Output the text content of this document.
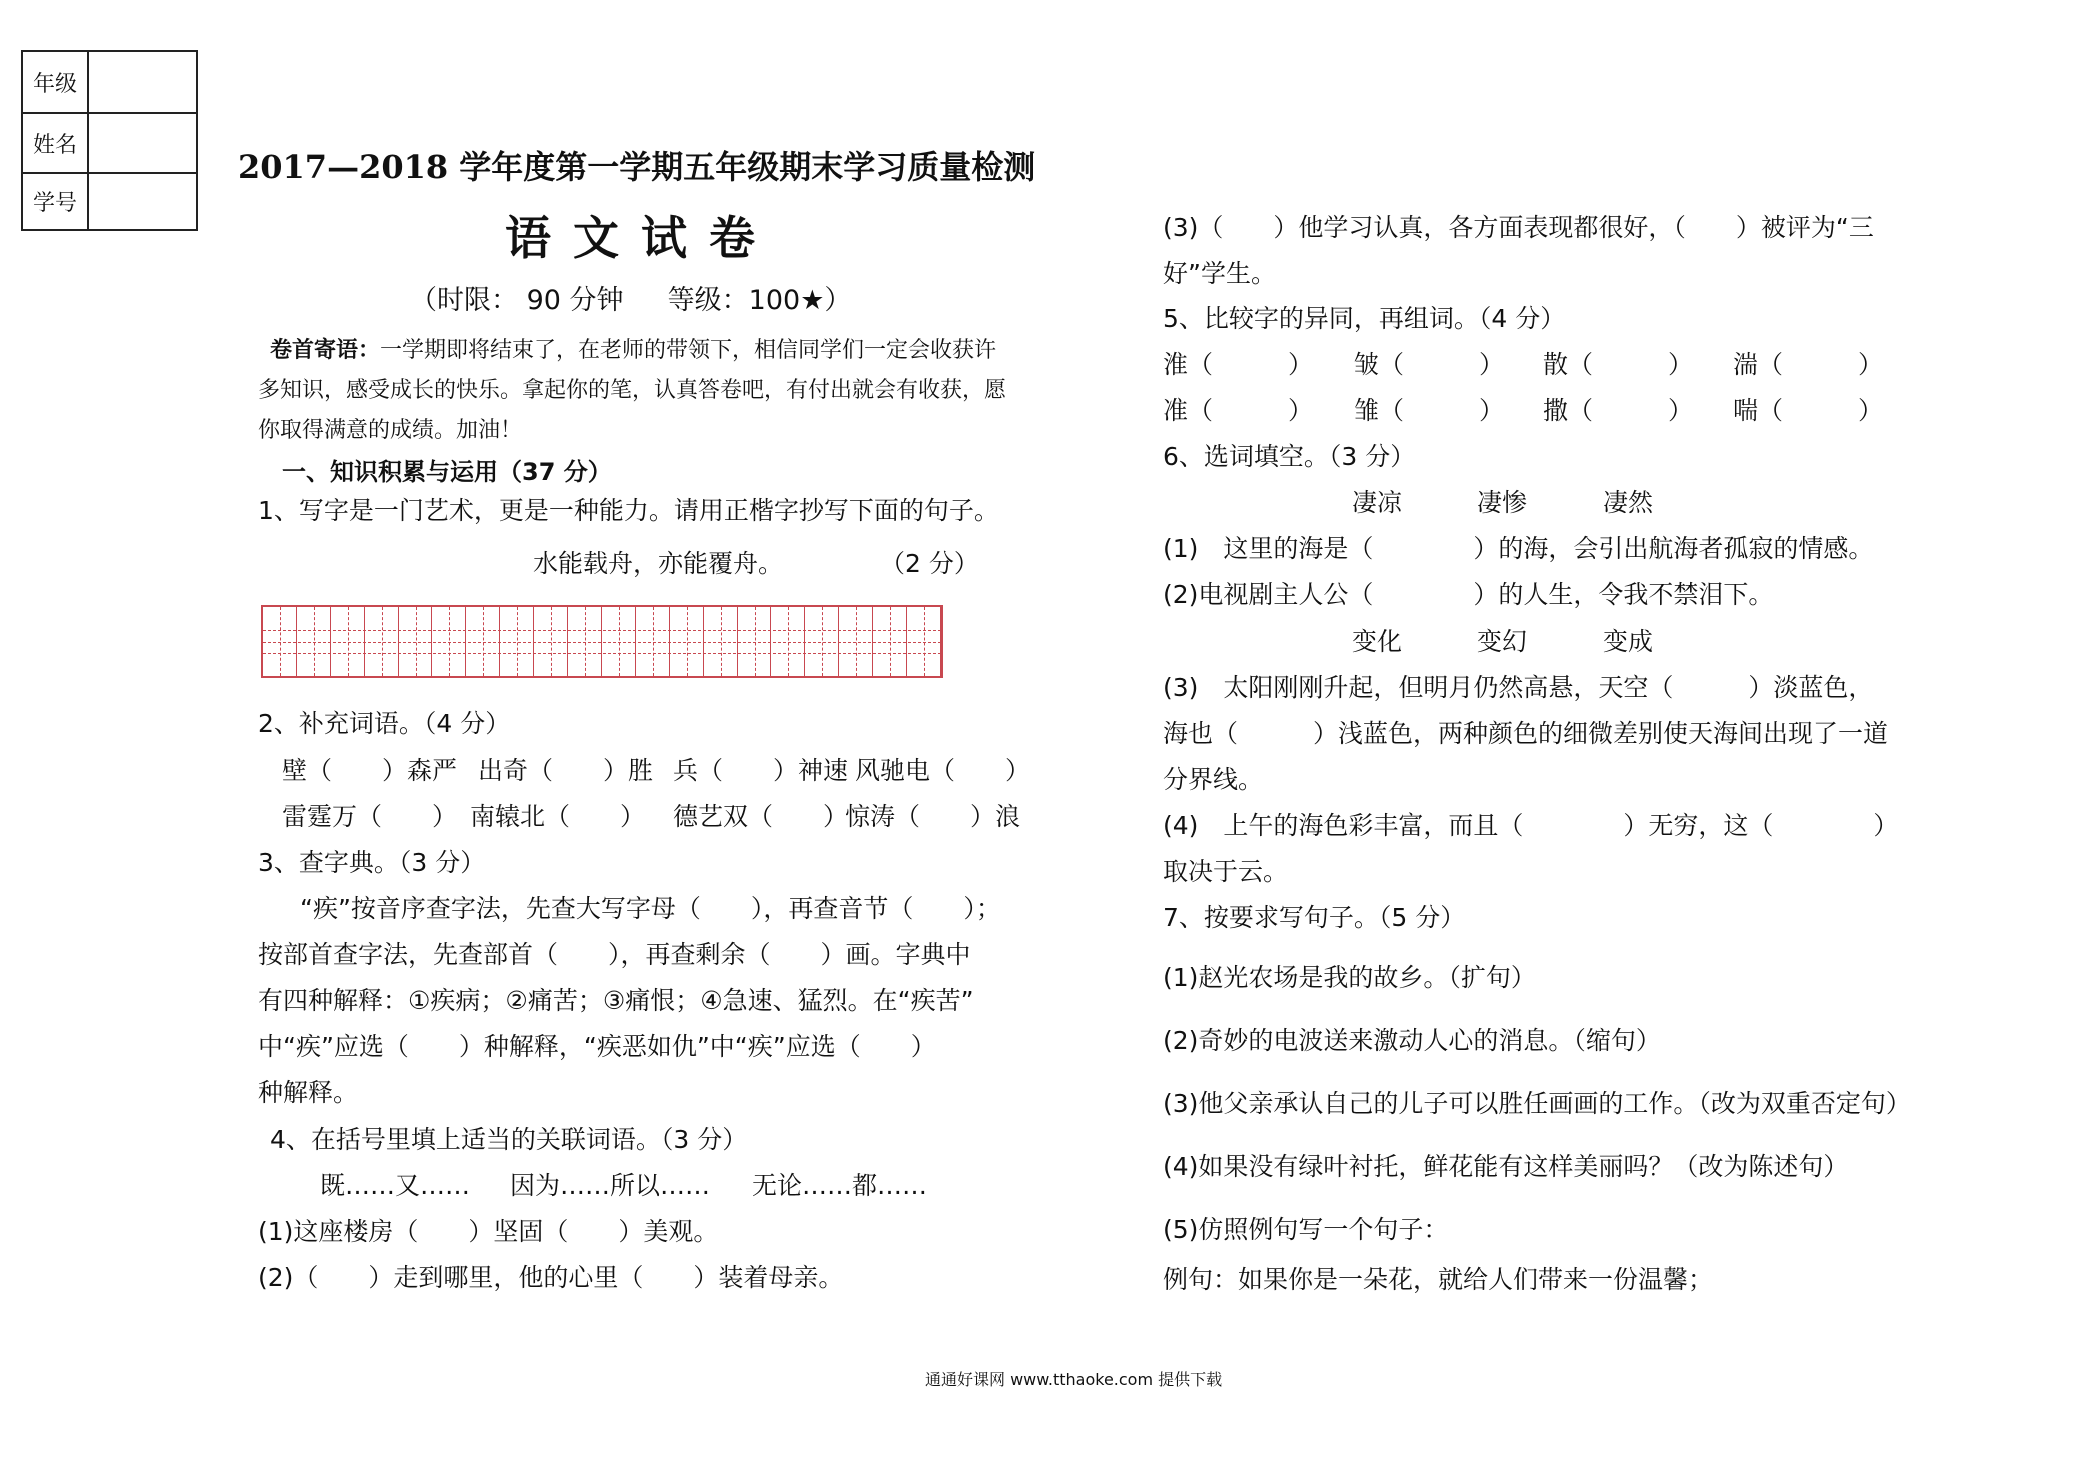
年级
姓名
学号
2017—2018 学年度第一学期五年级期末学习质量检测
语文试卷
（时限： 90 分钟 　 等级：100★）
卷首寄语：一学期即将结束了，在老师的带领下，相信同学们一定会收获许
多知识，感受成长的快乐。拿起你的笔，认真答卷吧，有付出就会有收获，愿
你取得满意的成绩。加油！
一、知识积累与运用（37 分）
1、写字是一门艺术，更是一种能力。请用正楷字抄写下面的句子。
水能载舟，亦能覆舟。	（2 分）
2、补充词语。（4 分）
壁（　　）森严 出奇（　　）胜 兵（　　）神速 风驰电（　　）
雷霆万（　　） 南辕北（　　） 德艺双（　　）
惊涛（　　）浪
3、查字典。（3 分）
“疾”按音序查字法，先查大写字母（　　），再查音节（　　）；
按部首查字法，先查部首（　　），再查剩余（　　）画。字典中
有四种解释：①疾病；②痛苦；③痛恨；④急速、猛烈。在“疾苦”
中“疾”应选（　　）种解释，“疾恶如仇”中“疾”应选（　　）
种解释。
4、在括号里填上适当的关联词语。（3 分）
既……又…… 因为……所以…… 无论……都……
(1)这座楼房（　　）坚固（　　）美观。
(2)（　　）走到哪里，他的心里（　　）装着母亲。
(3)（　　）他学习认真，各方面表现都很好，（　　）被评为“三
好”学生。
5、比较字的异同，再组词。（4 分）
淮（　　　） 皱（　　　） 散（　　　） 湍（　　　）
准（　　　） 雏（　　　） 撒（　　　） 喘（　　　）
6、选词填空。（3 分）
凄凉	凄惨	凄然
(1)　这里的海是（　　　　）的海，会引出航海者孤寂的情感。
(2)电视剧主人公（　　　　）的人生，令我不禁泪下。
变化	变幻	变成
(3)　太阳刚刚升起，但明月仍然高悬，天空（　　　）淡蓝色，
海也（　　　）浅蓝色，两种颜色的细微差别使天海间出现了一道
分界线。
(4)　上午的海色彩丰富，而且（　　　　）无穷，这（　　　　）
取决于云。
7、按要求写句子。（5 分）
(1)赵光农场是我的故乡。（扩句）
(2)奇妙的电波送来激动人心的消息。（缩句）
(3)他父亲承认自己的儿子可以胜任画画的工作。（改为双重否定句）
(4)如果没有绿叶衬托，鲜花能有这样美丽吗？（改为陈述句）
(5)仿照例句写一个句子：
例句：如果你是一朵花，就给人们带来一份温馨；
通通好课网 www.tthaoke.com 提供下载
